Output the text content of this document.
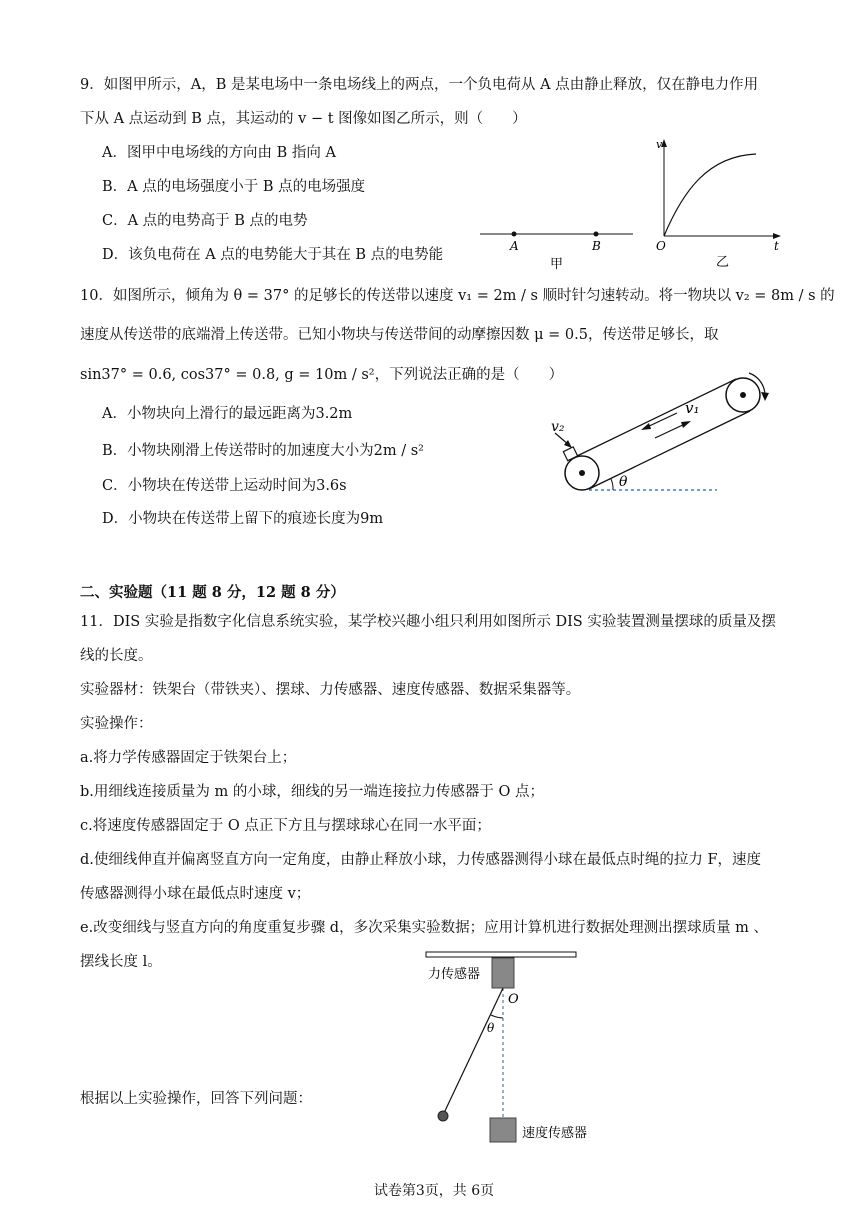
9．如图甲所示，A，B 是某电场中一条电场线上的两点，一个负电荷从 A 点由静止释放，仅在静电力作用
下从 A 点运动到 B 点，其运动的 v − t 图像如图乙所示，则（　　）
A．图甲中电场线的方向由 B 指向 A
B．A 点的电场强度小于 B 点的电场强度
C．A 点的电势高于 B 点的电势
D．该负电荷在 A 点的电势能大于其在 B 点的电势能
A	B
甲
v
t
O
乙
10．如图所示，倾角为 θ = 37° 的足够长的传送带以速度 v₁ = 2m / s 顺时针匀速转动。将一物块以 v₂ = 8m / s 的
速度从传送带的底端滑上传送带。已知小物块与传送带间的动摩擦因数 μ = 0.5，传送带足够长，取
sin37° = 0.6, cos37° = 0.8, g = 10m / s²，下列说法正确的是（　　）
A．小物块向上滑行的最远距离为3.2m
B．小物块刚滑上传送带时的加速度大小为2m / s²
C．小物块在传送带上运动时间为3.6s
D．小物块在传送带上留下的痕迹长度为9m
v₂
v₁
θ
二、实验题（11 题 8 分，12 题 8 分）
11．DIS 实验是指数字化信息系统实验，某学校兴趣小组只利用如图所示 DIS 实验装置测量摆球的质量及摆
线的长度。
实验器材：铁架台（带铁夹）、摆球、力传感器、速度传感器、数据采集器等。
实验操作：
a.将力学传感器固定于铁架台上；
b.用细线连接质量为 m 的小球，细线的另一端连接拉力传感器于 O 点；
c.将速度传感器固定于 O 点正下方且与摆球球心在同一水平面；
d.使细线伸直并偏离竖直方向一定角度，由静止释放小球，力传感器测得小球在最低点时绳的拉力 F，速度
传感器测得小球在最低点时速度 v；
e.改变细线与竖直方向的角度重复步骤 d，多次采集实验数据；应用计算机进行数据处理测出摆球质量 m 、
摆线长度 l。
根据以上实验操作，回答下列问题：
力传感器
O
θ
速度传感器
试卷第3页，共 6页
